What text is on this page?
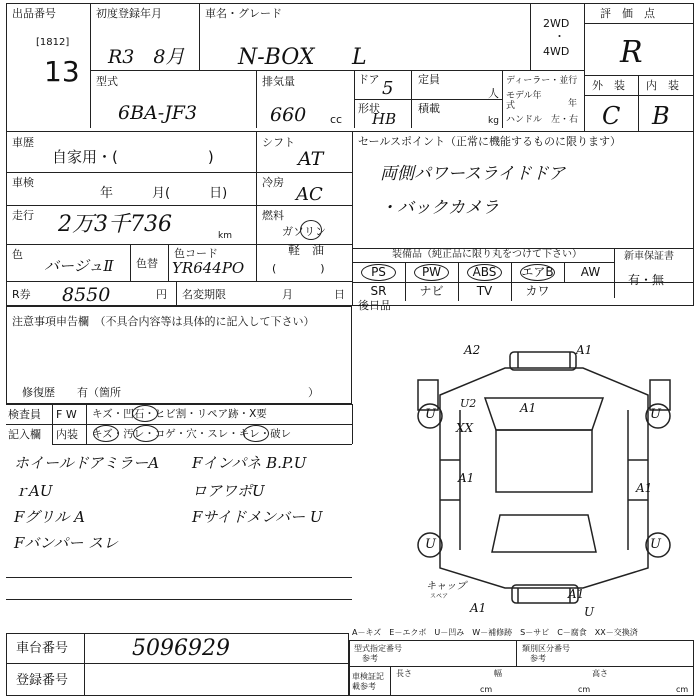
出品番号
[1812]
13
初度登録年月
R3　8月
車名・グレード
N-BOX L
2WD
・
4WD
評　価　点
R
型式
6BA-JF3
排気量
660 cc
ドア 5 定員
人
形状
HB
積載
kg
ディーラー・並行
モデル年式	年
ハンドル　左・右
外　装 内　装
C B
車歴
自家用・(　　　　　　)
シフト
AT
車検
年　　　月(　　　日)
冷房
AC
走行 2万3千736	km
燃料
ガソリン
軽　油
(　　　　)
色
バージュⅡ 色替
色コード
YR644PO
R券 8550	円 名変期限	月	日
セールスポイント（正常に機能するものに限ります）
両側パワースライドドア
・バックカメラ
装備品（純正品に限り丸をつけて下さい）	新車保証書
有・無
PS	PW	ABS	エアB	AW
SR	ナビ	TV	カワ
後日品
注意事項申告欄　（不具合内容等は具体的に記入して下さい）
修復歴　　有（箇所　　　　　　　　　　　　　　　　　）
検査員
記入欄
F W キズ・凹石・ヒビ割・リペア跡・X要
内装 キズ・汚レ・コゲ・穴・スレ・キレ・破レ
ホイールドアミラーA
ｒAU
Fグリル A
Fバンパー スレ
Fインパネ B.P.U
ロアワポU
Fサイドメンバー U
A2	A1
U2
XX
A1
U	U
A1
U	U
A1
A1
A1	U
キャップ
スペア
A－キズ　E－エクボ　U－凹み　W－補修跡　S－サビ　C－腐食　XX－交換済
型式指定番号
参考
類別区分番号
参考
車検証記載参考
長さ	幅	高さ
cm	cm	cm
車台番号	5096929
登録番号
